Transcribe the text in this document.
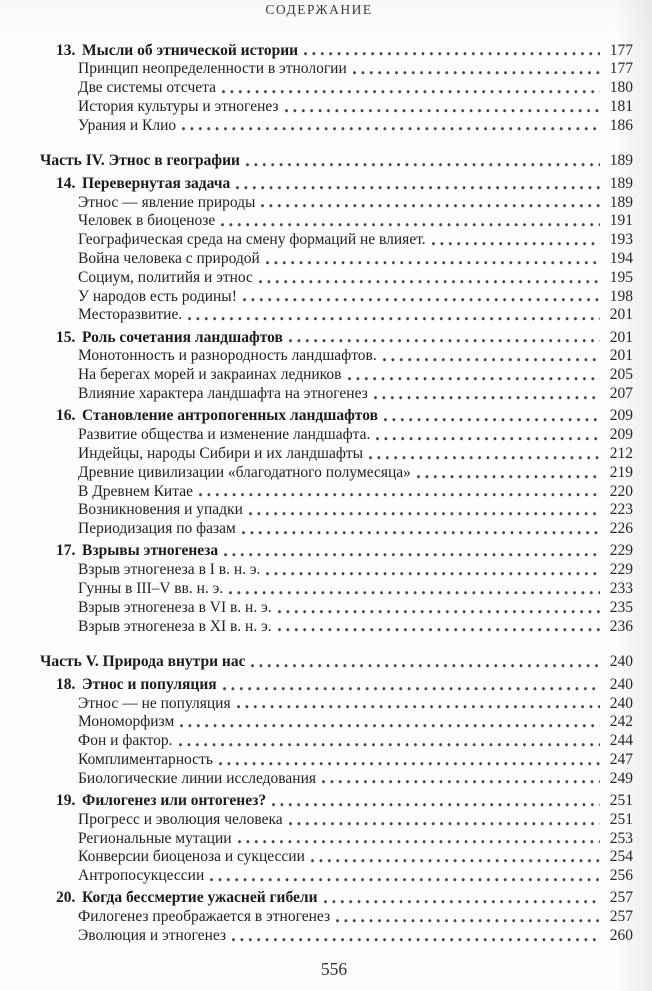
СОДЕРЖАНИЕ
13. Мысли об этнической истории	177
Принцип неопределенности в этнологии	177
Две системы отсчета	180
История культуры и этногенез	181
Урания и Клио	186
Часть IV. Этнос в географии	189
14. Перевернутая задача	189
Этнос — явление природы	189
Человек в биоценозе	191
Географическая среда на смену формаций не влияет.	193
Война человека с природой	194
Социум, политийя и этнос	195
У народов есть родины!	198
Месторазвитие.	201
15. Роль сочетания ландшафтов	201
Монотонность и разнородность ландшафтов.	201
На берегах морей и закраинах ледников	205
Влияние характера ландшафта на этногенез	207
16. Становление антропогенных ландшафтов	209
Развитие общества и изменение ландшафта.	209
Индейцы, народы Сибири и их ландшафты	212
Древние цивилизации «благодатного полумесяца»	219
В Древнем Китае	220
Возникновения и упадки	223
Периодизация по фазам	226
17. Взрывы этногенеза	229
Взрыв этногенеза в I в. н. э.	229
Гунны в III–V вв. н. э.	233
Взрыв этногенеза в VI в. н. э.	235
Взрыв этногенеза в XI в. н. э.	236
Часть V. Природа внутри нас	240
18. Этнос и популяция	240
Этнос — не популяция	240
Мономорфизм	242
Фон и фактор.	244
Комплиментарность	247
Биологические линии исследования	249
19. Филогенез или онтогенез?	251
Прогресс и эволюция человека	251
Региональные мутации	253
Конверсии биоценоза и сукцессии	254
Антропосукцессии	256
20. Когда бессмертие ужасней гибели	257
Филогенез преображается в этногенез	257
Эволюция и этногенез	260
556
